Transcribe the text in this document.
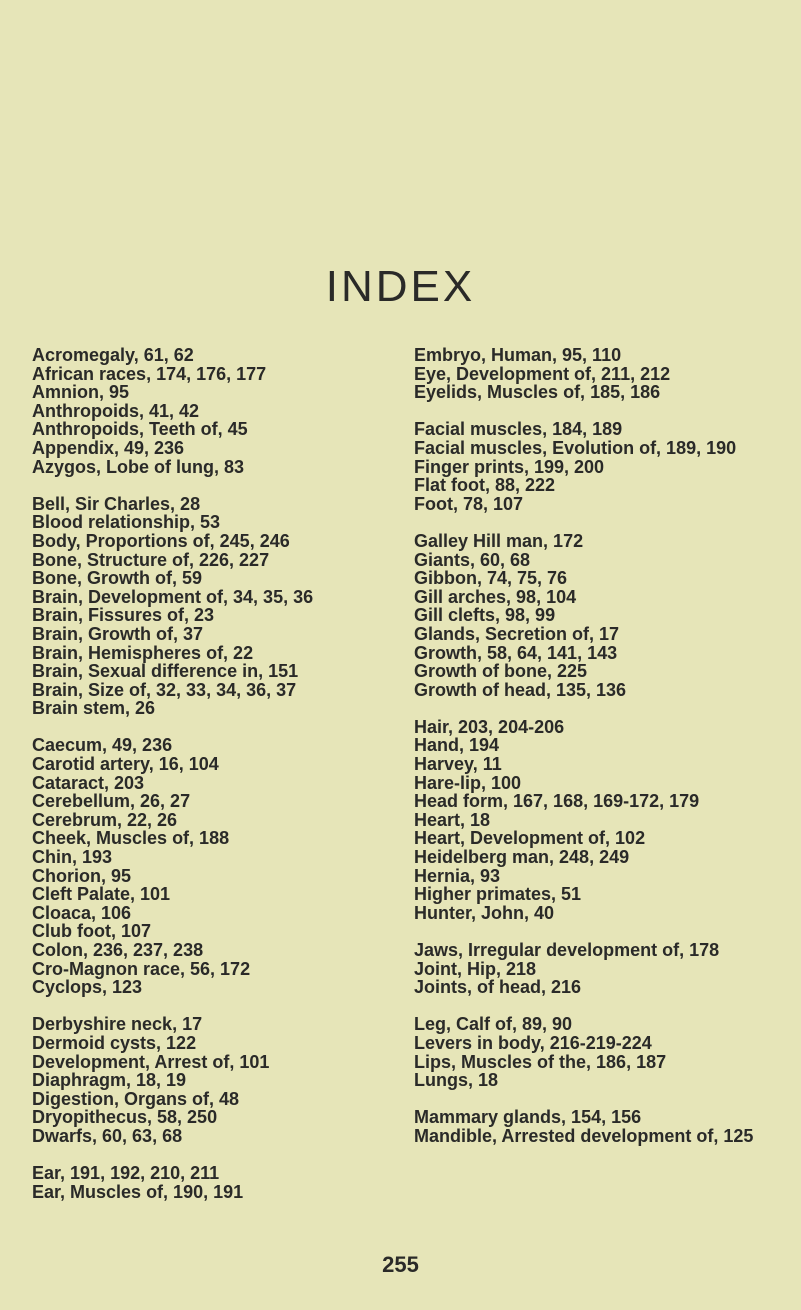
INDEX
Acromegaly, 61, 62
African races, 174, 176, 177
Amnion, 95
Anthropoids, 41, 42
Anthropoids, Teeth of, 45
Appendix, 49, 236
Azygos, Lobe of lung, 83
Bell, Sir Charles, 28
Blood relationship, 53
Body, Proportions of, 245, 246
Bone, Structure of, 226, 227
Bone, Growth of, 59
Brain, Development of, 34, 35, 36
Brain, Fissures of, 23
Brain, Growth of, 37
Brain, Hemispheres of, 22
Brain, Sexual difference in, 151
Brain, Size of, 32, 33, 34, 36, 37
Brain stem, 26
Caecum, 49, 236
Carotid artery, 16, 104
Cataract, 203
Cerebellum, 26, 27
Cerebrum, 22, 26
Cheek, Muscles of, 188
Chin, 193
Chorion, 95
Cleft Palate, 101
Cloaca, 106
Club foot, 107
Colon, 236, 237, 238
Cro-Magnon race, 56, 172
Cyclops, 123
Derbyshire neck, 17
Dermoid cysts, 122
Development, Arrest of, 101
Diaphragm, 18, 19
Digestion, Organs of, 48
Dryopithecus, 58, 250
Dwarfs, 60, 63, 68
Ear, 191, 192, 210, 211
Ear, Muscles of, 190, 191
Embryo, Human, 95, 110
Eye, Development of, 211, 212
Eyelids, Muscles of, 185, 186
Facial muscles, 184, 189
Facial muscles, Evolution of, 189, 190
Finger prints, 199, 200
Flat foot, 88, 222
Foot, 78, 107
Galley Hill man, 172
Giants, 60, 68
Gibbon, 74, 75, 76
Gill arches, 98, 104
Gill clefts, 98, 99
Glands, Secretion of, 17
Growth, 58, 64, 141, 143
Growth of bone, 225
Growth of head, 135, 136
Hair, 203, 204-206
Hand, 194
Harvey, 11
Hare-lip, 100
Head form, 167, 168, 169-172, 179
Heart, 18
Heart, Development of, 102
Heidelberg man, 248, 249
Hernia, 93
Higher primates, 51
Hunter, John, 40
Jaws, Irregular development of, 178
Joint, Hip, 218
Joints, of head, 216
Leg, Calf of, 89, 90
Levers in body, 216-219-224
Lips, Muscles of the, 186, 187
Lungs, 18
Mammary glands, 154, 156
Mandible, Arrested development of, 125
255
